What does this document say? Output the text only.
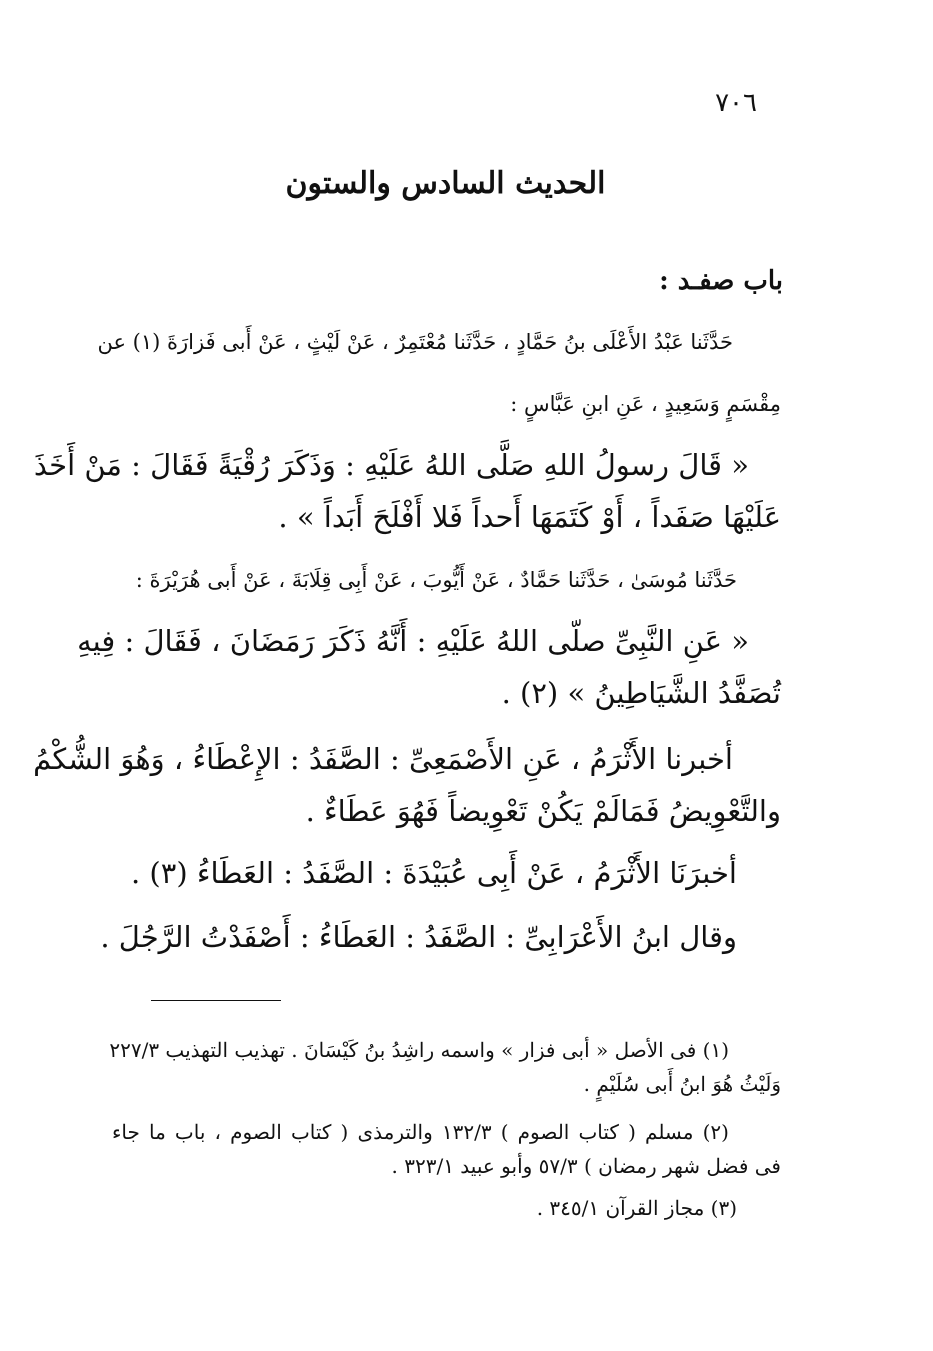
٧٠٦
الحديث السادس والستون
باب صفـد :
حَدَّثَنا عَبْدُ الأَعْلَى بنُ حَمَّادٍ ، حَدَّثَنا مُعْتَمِرٌ ، عَنْ لَيْثٍ ، عَنْ أَبى فَزارَةَ (١) عن
مِقْسَمٍ وَسَعِيدٍ ، عَنِ ابنِ عَبَّاسٍ :
« قَالَ رسولُ اللهِ صَلَّى اللهُ عَلَيْهِ : وَذَكَرَ رُقْيَةً فَقَالَ : مَنْ أَخَذَ
عَلَيْهَا صَفَداً ، أَوْ كَتَمَهَا أَحداً فَلا أَفْلَحَ أَبَداً » .
حَدَّثَنا مُوسَىٰ ، حَدَّثَنا حَمَّادٌ ، عَنْ أَيُّوبَ ، عَنْ أَبِى قِلَابَةَ ، عَنْ أَبى هُرَيْرَةَ :
« عَنِ النَّبِىِّ صلّى اللهُ عَلَيْهِ : أَنَّهُ ذَكَرَ رَمَضَانَ ، فَقَالَ : فِيهِ
تُصَفَّدُ الشَّيَاطِينُ » (٢) .
أخبرنا الأَثْرَمُ ، عَنِ الأَصْمَعِىِّ : الصَّفَدُ : الإِعْطَاءُ ، وَهُوَ الشُّكْمُ
والتَّعْوِيضُ فَمَالَمْ يَكُنْ تَعْوِيضاً فَهُوَ عَطَاءٌ .
أخبرَنَا الأَثْرَمُ ، عَنْ أَبِى عُبَيْدَةَ : الصَّفَدُ : العَطَاءُ (٣) .
وقال ابنُ الأَعْرَابِىِّ : الصَّفَدُ : العَطَاءُ : أَصْفَدْتُ الرَّجُلَ .
(١) فى الأصل « أبى فزار » واسمه راشِدُ بنُ كَيْسَانَ . تهذيب التهذيب ٢٢٧/٣
وَلَيْثُ هُوَ ابنُ أَبى سُلَيْمٍ .
(٢) مسلم ( كتاب الصوم ) ١٣٢/٣ والترمذى ( كتاب الصوم ، باب ما جاء
فى فضل شهر رمضان ) ٥٧/٣ وأبو عبيد ٣٢٣/١ .
(٣) مجاز القرآن ٣٤٥/١ .
